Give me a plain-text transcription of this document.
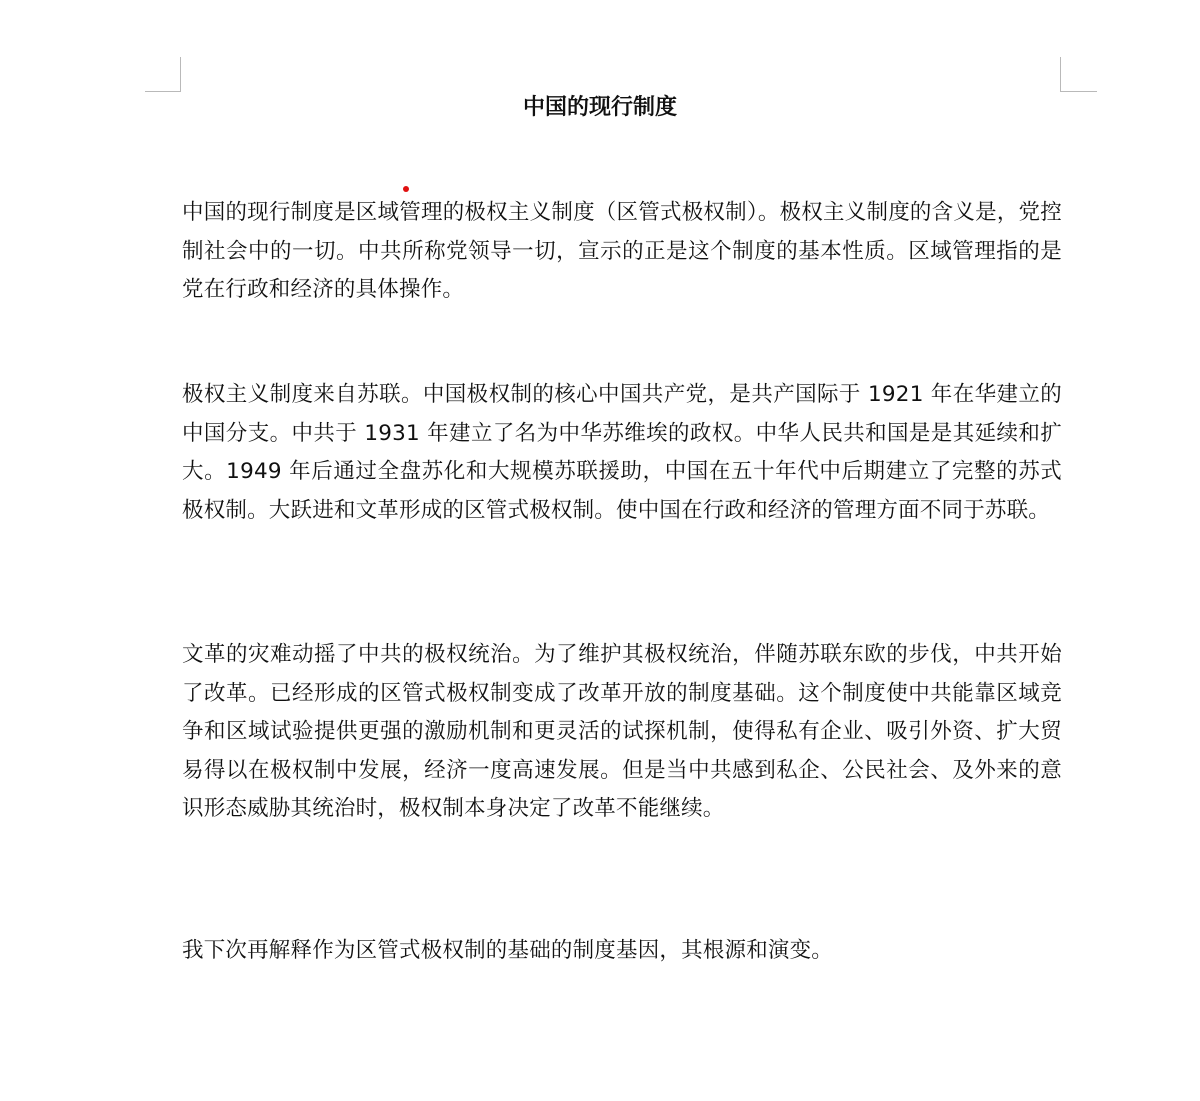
中国的现行制度

中国的现行制度是区域管理的极权主义制度（区管式极权制）。极权主义制度的含义是，党控制社会中的一切。中共所称党领导一切，宣示的正是这个制度的基本性质。区域管理指的是党在行政和经济的具体操作。

极权主义制度来自苏联。中国极权制的核心中国共产党，是共产国际于 1921 年在华建立的中国分支。中共于 1931 年建立了名为中华苏维埃的政权。中华人民共和国是是其延续和扩大。1949 年后通过全盘苏化和大规模苏联援助，中国在五十年代中后期建立了完整的苏式极权制。大跃进和文革形成的区管式极权制。使中国在行政和经济的管理方面不同于苏联。

文革的灾难动摇了中共的极权统治。为了维护其极权统治，伴随苏联东欧的步伐，中共开始了改革。已经形成的区管式极权制变成了改革开放的制度基础。这个制度使中共能靠区域竞争和区域试验提供更强的激励机制和更灵活的试探机制，使得私有企业、吸引外资、扩大贸易得以在极权制中发展，经济一度高速发展。但是当中共感到私企、公民社会、及外来的意识形态威胁其统治时，极权制本身决定了改革不能继续。

我下次再解释作为区管式极权制的基础的制度基因，其根源和演变。
